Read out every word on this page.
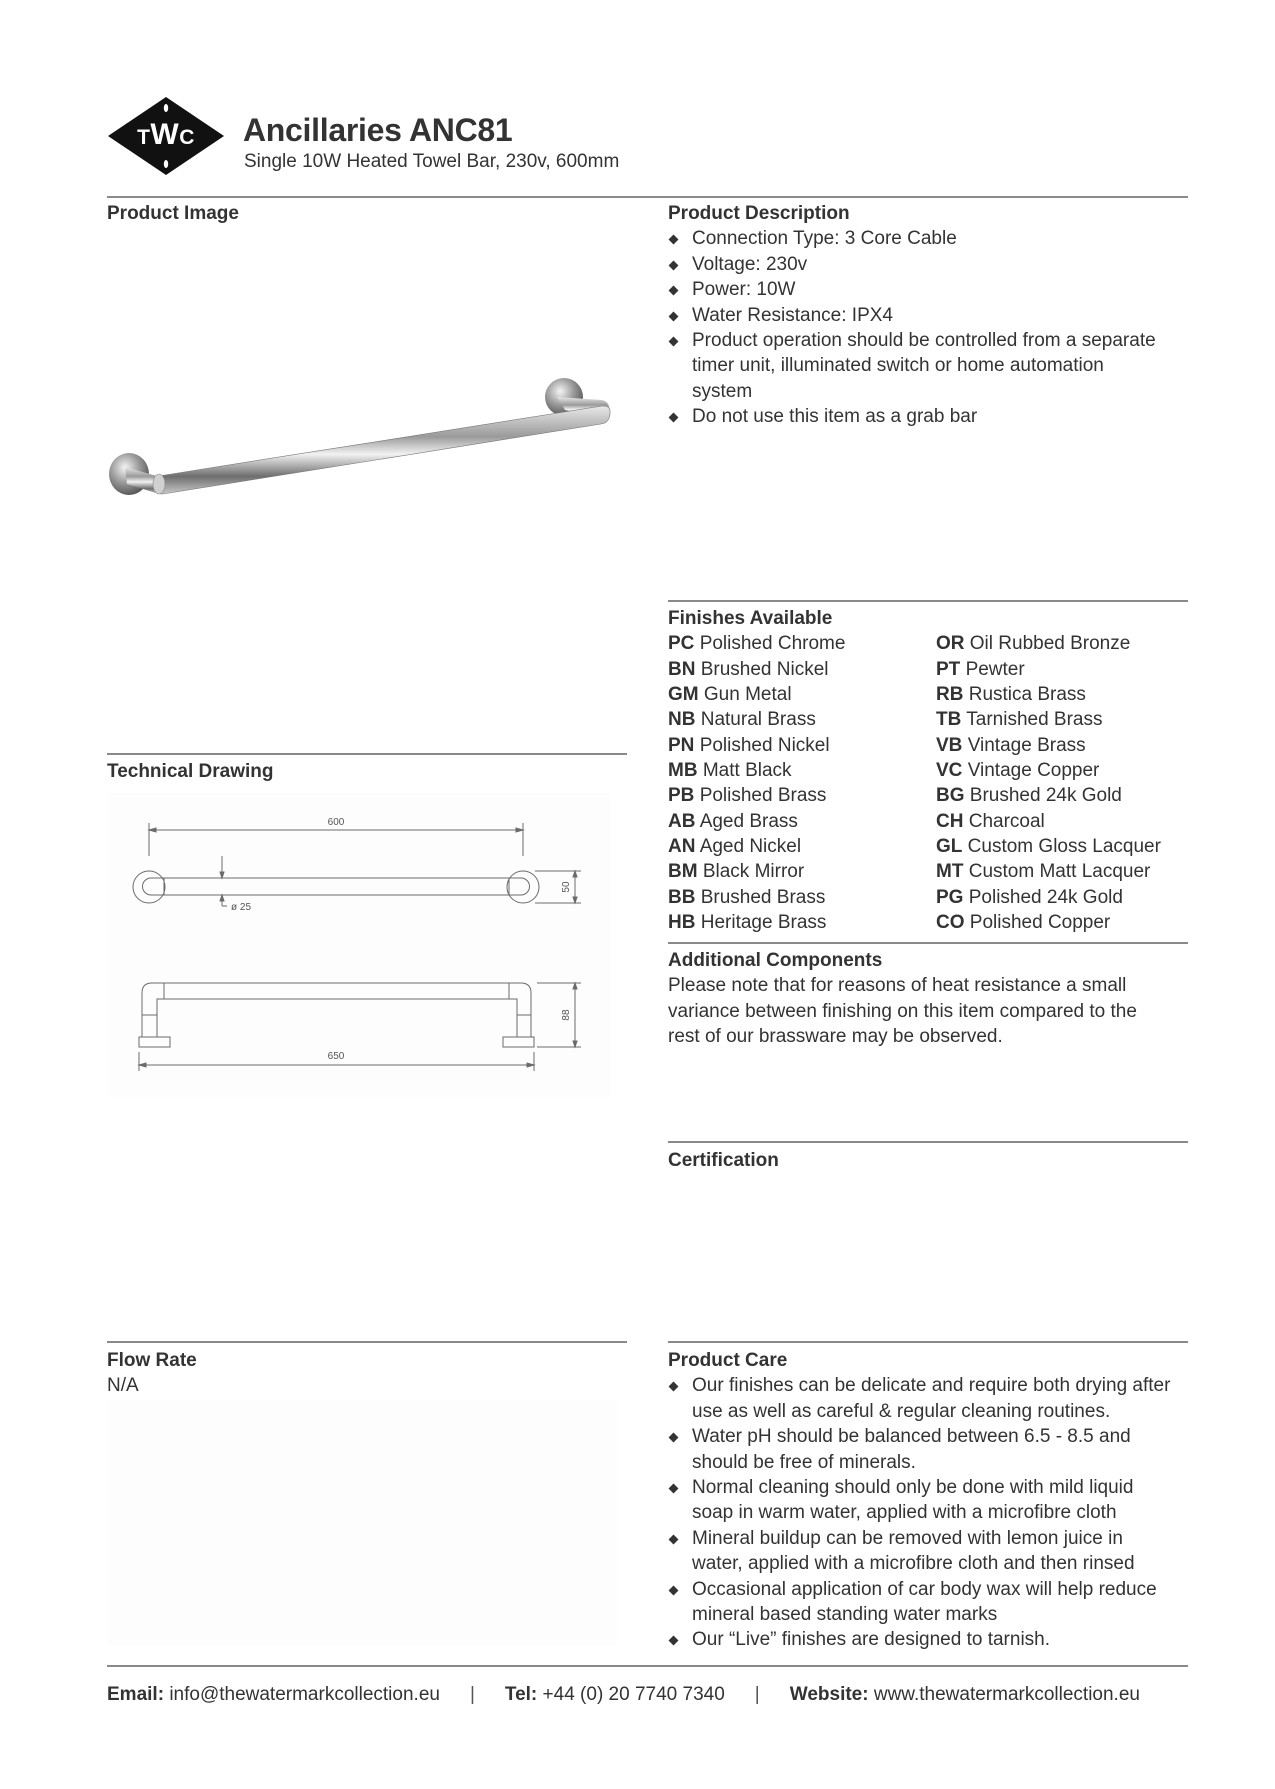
TWC Ancillaries ANC81
Single 10W Heated Towel Bar, 230v, 600mm
Product Image	Product Description
Connection Type: 3 Core Cable
Voltage: 230v
Power: 10W
Water Resistance: IPX4
Product operation should be controlled from a separate timer unit, illuminated switch or home automation system
Do not use this item as a grab bar
Finishes Available
PC Polished Chrome
BN Brushed Nickel
GM Gun Metal
NB Natural Brass
PN Polished Nickel
MB Matt Black
PB Polished Brass
AB Aged Brass
AN Aged Nickel
BM Black Mirror
BB Brushed Brass
HB Heritage Brass
OR Oil Rubbed Bronze
PT Pewter
RB Rustica Brass
TB Tarnished Brass
VB Vintage Brass
VC Vintage Copper
BG Brushed 24k Gold
CH Charcoal
GL Custom Gloss Lacquer
MT Custom Matt Lacquer
PG Polished 24k Gold
CO Polished Copper
Technical Drawing
600
ø 25
50
88
650
Additional Components
Please note that for reasons of heat resistance a small variance between finishing on this item compared to the rest of our brassware may be observed.
Certification
Flow Rate
N/A
Product Care
Our finishes can be delicate and require both drying after use as well as careful & regular cleaning routines.
Water pH should be balanced between 6.5 - 8.5 and should be free of minerals.
Normal cleaning should only be done with mild liquid soap in warm water, applied with a microfibre cloth
Mineral buildup can be removed with lemon juice in water, applied with a microfibre cloth and then rinsed
Occasional application of car body wax will help reduce mineral based standing water marks
Our “Live” finishes are designed to tarnish.
Email: info@thewatermarkcollection.eu | Tel: +44 (0) 20 7740 7340 | Website: www.thewatermarkcollection.eu
